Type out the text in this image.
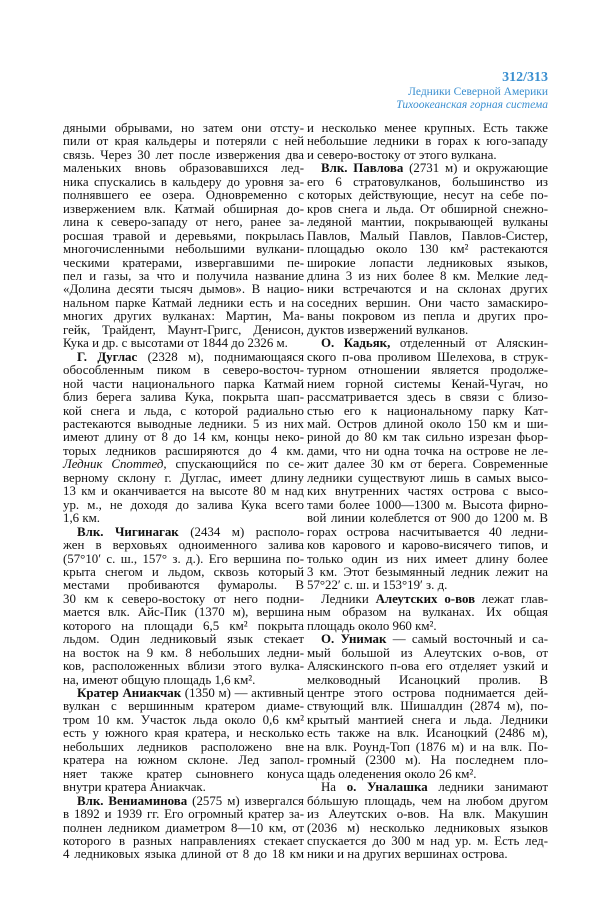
312/313
Ледники Северной Америки
Тихоокеанская горная система
дяными обрывами, но затем они отсту-
пили от края кальдеры и потеряли с ней
связь. Через 30 лет после извержения два
маленьких вновь образовавшихся лед-
ника спускались в кальдеру до уровня за-
полнявшего ее озера. Одновременно с
извержением влк. Катмай обширная до-
лина к северо-западу от него, ранее за-
росшая травой и деревьями, покрылась
многочисленными небольшими вулкани-
ческими кратерами, извергавшими пе-
пел и газы, за что и получила название
«Долина десяти тысяч дымов». В нацио-
нальном парке Катмай ледники есть и на
многих других вулканах: Мартин, Ма-
гейк, Трайдент, Маунт-Григс, Денисон,
Кука и др. с высотами от 1844 до 2326 м.
Г. Дуглас (2328 м), поднимающаяся
обособленным пиком в северо-восточ-
ной части национального парка Катмай
близ берега залива Кука, покрыта шап-
кой снега и льда, с которой радиально
растекаются выводные ледники. 5 из них
имеют длину от 8 до 14 км, концы неко-
торых ледников расширяются до 4 км.
Ледник Споттед, спускающийся по се-
верному склону г. Дуглас, имеет длину
13 км и оканчивается на высоте 80 м над
ур. м., не доходя до залива Кука всего
1,6 км.
Влк. Чигинагак (2434 м) располо-
жен в верховьях одноименного залива
(57°10′ с. ш., 157° з. д.). Его вершина по-
крыта снегом и льдом, сквозь который
местами пробиваются фумаролы. В
30 км к северо-востоку от него подни-
мается влк. Айс-Пик (1370 м), вершина
которого на площади 6,5 км² покрыта
льдом. Один ледниковый язык стекает
на восток на 9 км. 8 небольших ледни-
ков, расположенных вблизи этого вулка-
на, имеют общую площадь 1,6 км².
Кратер Аниакчак (1350 м) — активный
вулкан с вершинным кратером диаме-
тром 10 км. Участок льда около 0,6 км²
есть у южного края кратера, и несколько
небольших ледников расположено вне
кратера на южном склоне. Лед запол-
няет также кратер сыновнего конуса
внутри кратера Аниакчак.
Влк. Вениаминова (2575 м) извергался
в 1892 и 1939 гг. Его огромный кратер за-
полнен ледником диаметром 8—10 км, от
которого в разных направлениях стекает
4 ледниковых языка длиной от 8 до 18 км
и несколько менее крупных. Есть также
небольшие ледники в горах к юго-западу
и северо-востоку от этого вулкана.
Влк. Павлова (2731 м) и окружающие
его 6 стратовулканов, большинство из
которых действующие, несут на себе по-
кров снега и льда. От обширной снежно-
ледяной мантии, покрывающей вулканы
Павлов, Малый Павлов, Павлов-Систер,
площадью около 130 км² растекаются
широкие лопасти ледниковых языков,
длина 3 из них более 8 км. Мелкие лед-
ники встречаются и на склонах других
соседних вершин. Они часто замаскиро-
ваны покровом из пепла и других про-
дуктов извержений вулканов.
О. Кадьяк, отделенный от Аляскин-
ского п-ова проливом Шелехова, в струк-
турном отношении является продолже-
нием горной системы Кенай-Чугач, но
рассматривается здесь в связи с близо-
стью его к национальному парку Кат-
май. Остров длиной около 150 км и ши-
риной до 80 км так сильно изрезан фьор-
дами, что ни одна точка на острове не ле-
жит далее 30 км от берега. Современные
ледники существуют лишь в самых высо-
ких внутренних частях острова с высо-
тами более 1000—1300 м. Высота фирно-
вой линии колеблется от 900 до 1200 м. В
горах острова насчитывается 40 ледни-
ков карового и карово-висячего типов, и
только один из них имеет длину более
3 км. Этот безымянный ледник лежит на
57°22′ с. ш. и 153°19′ з. д.
Ледники Алеутских о-вов лежат глав-
ным образом на вулканах. Их общая
площадь около 960 км².
О. Унимак — самый восточный и са-
мый большой из Алеутских о-вов, от
Аляскинского п-ова его отделяет узкий и
мелководный Исаноцкий пролив. В
центре этого острова поднимается дей-
ствующий влк. Шишалдин (2874 м), по-
крытый мантией снега и льда. Ледники
есть также на влк. Исаноцкий (2486 м),
на влк. Роунд-Топ (1876 м) и на влк. По-
громный (2300 м). На последнем пло-
щадь оледенения около 26 км².
На о. Уналашка ледники занимают
бóльшую площадь, чем на любом другом
из Алеутских о-вов. На влк. Макушин
(2036 м) несколько ледниковых языков
спускается до 300 м над ур. м. Есть лед-
ники и на других вершинах острова.
